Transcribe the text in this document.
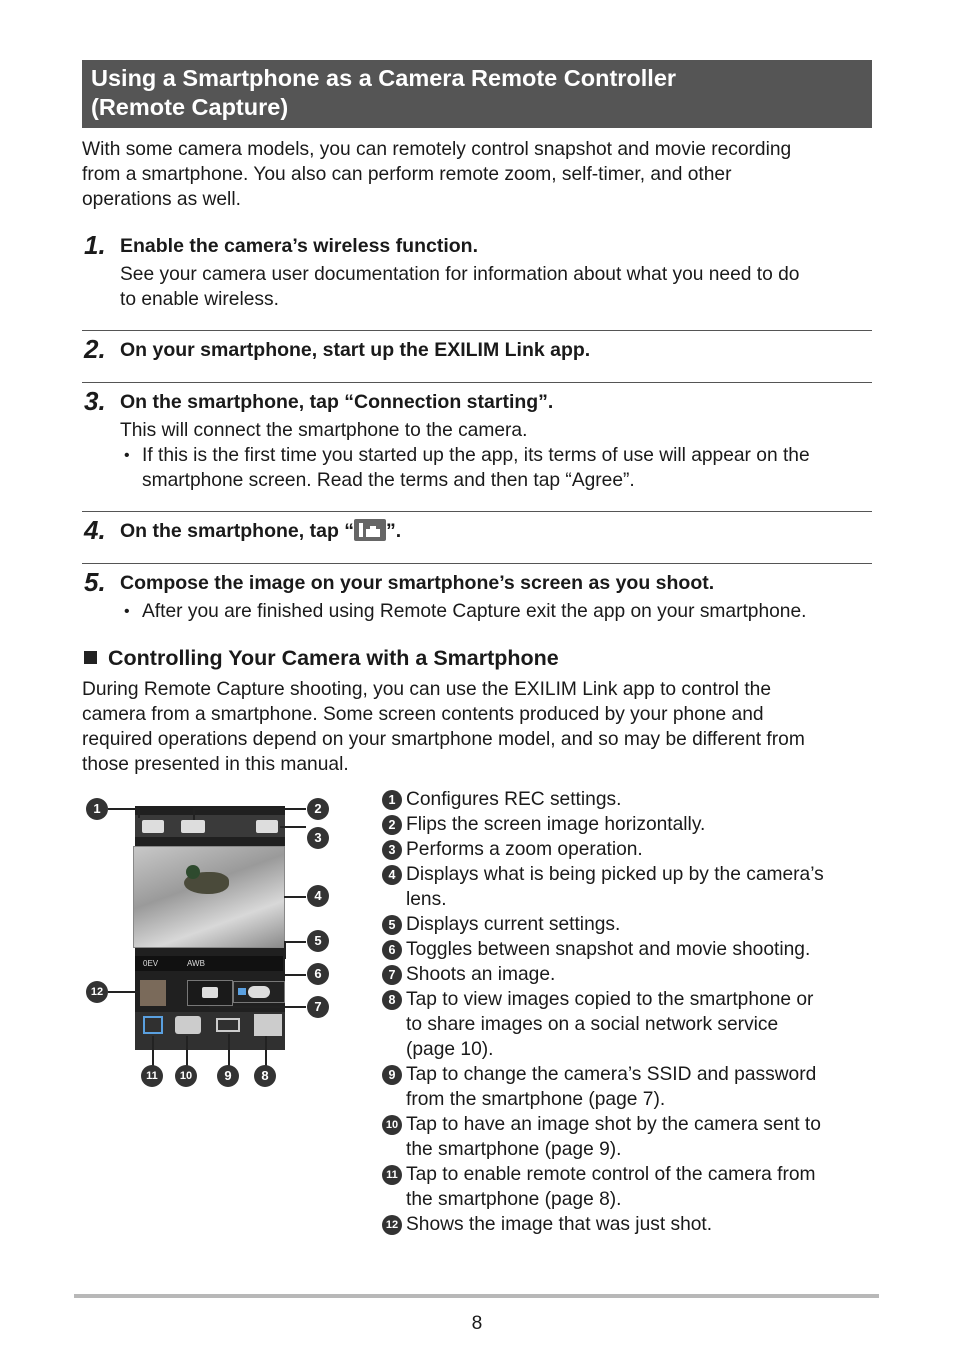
Using a Smartphone as a Camera Remote Controller
(Remote Capture)
With some camera models, you can remotely control snapshot and movie recording
from a smartphone. You also can perform remote zoom, self-timer, and other
operations as well.
1. Enable the camera’s wireless function.
See your camera user documentation for information about what you need to do
to enable wireless.
2. On your smartphone, start up the EXILIM Link app.
3. On the smartphone, tap “Connection starting”.
This will connect the smartphone to the camera.
• If this is the first time you started up the app, its terms of use will appear on the
smartphone screen. Read the terms and then tap “Agree”.
4. On the smartphone, tap “ ”.
5. Compose the image on your smartphone’s screen as you shoot.
• After you are finished using Remote Capture exit the app on your smartphone.
Controlling Your Camera with a Smartphone
During Remote Capture shooting, you can use the EXILIM Link app to control the
camera from a smartphone. Some screen contents produced by your phone and
required operations depend on your smartphone model, and so may be different from
those presented in this manual.
0EV	AWB
1	2
3
4
5
6
7
12
11	10	9	8
1 Configures REC settings.
2 Flips the screen image horizontally.
3 Performs a zoom operation.
4 Displays what is being picked up by the camera’s
lens.
5 Displays current settings.
6 Toggles between snapshot and movie shooting.
7 Shoots an image.
8 Tap to view images copied to the smartphone or
to share images on a social network service
(page 10).
9 Tap to change the camera’s SSID and password
from the smartphone (page 7).
10 Tap to have an image shot by the camera sent to
the smartphone (page 9).
11 Tap to enable remote control of the camera from
the smartphone (page 8).
12 Shows the image that was just shot.
8
